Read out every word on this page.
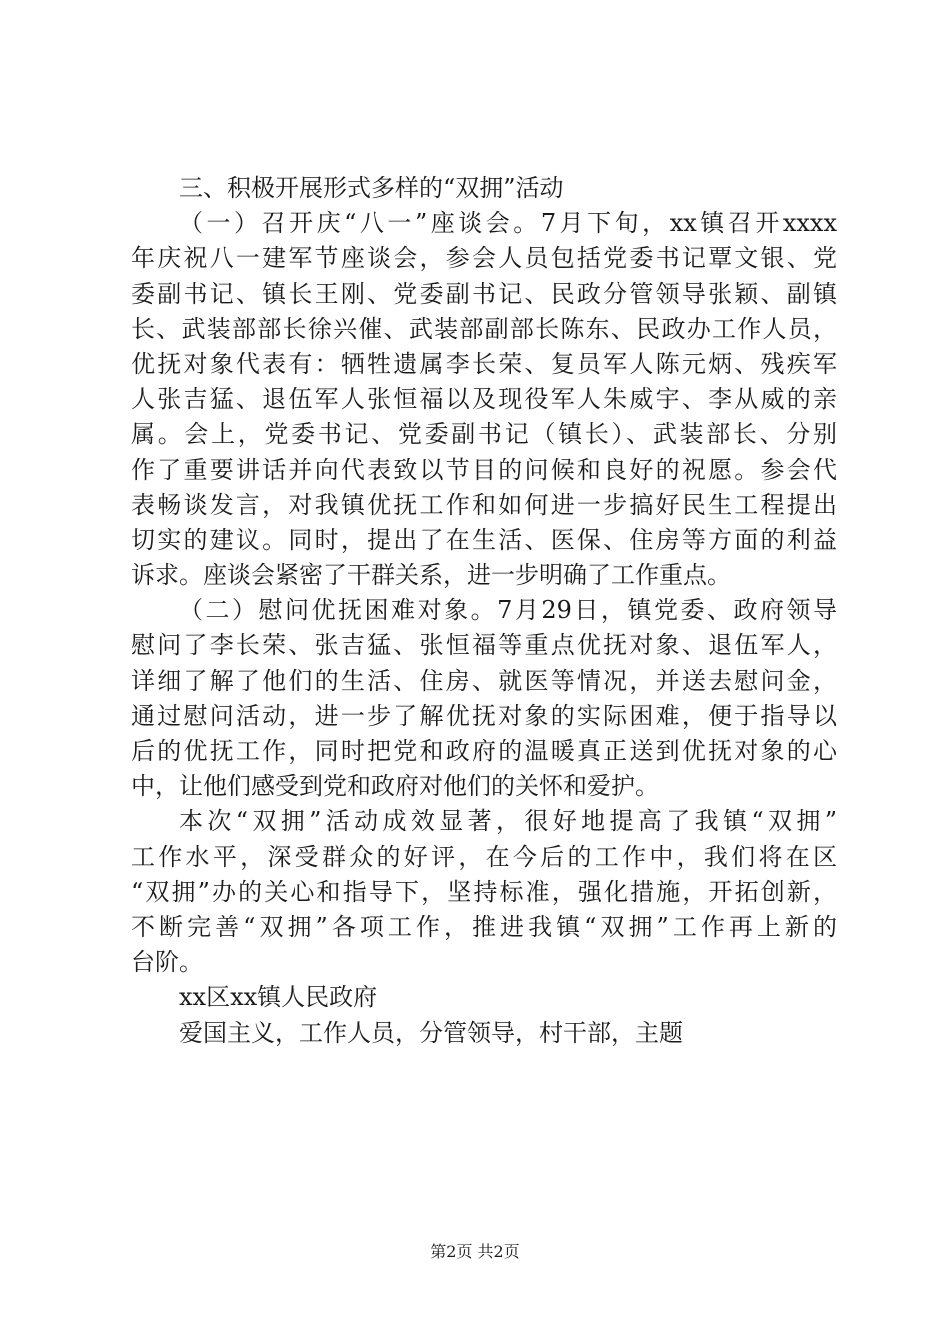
三、积极开展形式多样的“双拥”活动
（一）召开庆“八一”座谈会。7月下旬，xx镇召开xxxx
年庆祝八一建军节座谈会，参会人员包括党委书记覃文银、党
委副书记、镇长王刚、党委副书记、民政分管领导张颖、副镇
长、武装部部长徐兴催、武装部副部长陈东、民政办工作人员，
优抚对象代表有：牺牲遗属李长荣、复员军人陈元炳、残疾军
人张吉猛、退伍军人张恒福以及现役军人朱威宇、李从威的亲
属。会上，党委书记、党委副书记（镇长）、武装部长、分别
作了重要讲话并向代表致以节目的问候和良好的祝愿。参会代
表畅谈发言，对我镇优抚工作和如何进一步搞好民生工程提出
切实的建议。同时，提出了在生活、医保、住房等方面的利益
诉求。座谈会紧密了干群关系，进一步明确了工作重点。
（二）慰问优抚困难对象。7月29日，镇党委、政府领导
慰问了李长荣、张吉猛、张恒福等重点优抚对象、退伍军人，
详细了解了他们的生活、住房、就医等情况，并送去慰问金，
通过慰问活动，进一步了解优抚对象的实际困难，便于指导以
后的优抚工作，同时把党和政府的温暖真正送到优抚对象的心
中，让他们感受到党和政府对他们的关怀和爱护。
本次“双拥”活动成效显著，很好地提高了我镇“双拥”
工作水平，深受群众的好评，在今后的工作中，我们将在区
“双拥”办的关心和指导下，坚持标准，强化措施，开拓创新，
不断完善“双拥”各项工作，推进我镇“双拥”工作再上新的
台阶。
xx区xx镇人民政府
爱国主义，工作人员，分管领导，村干部，主题
第2页 共2页
